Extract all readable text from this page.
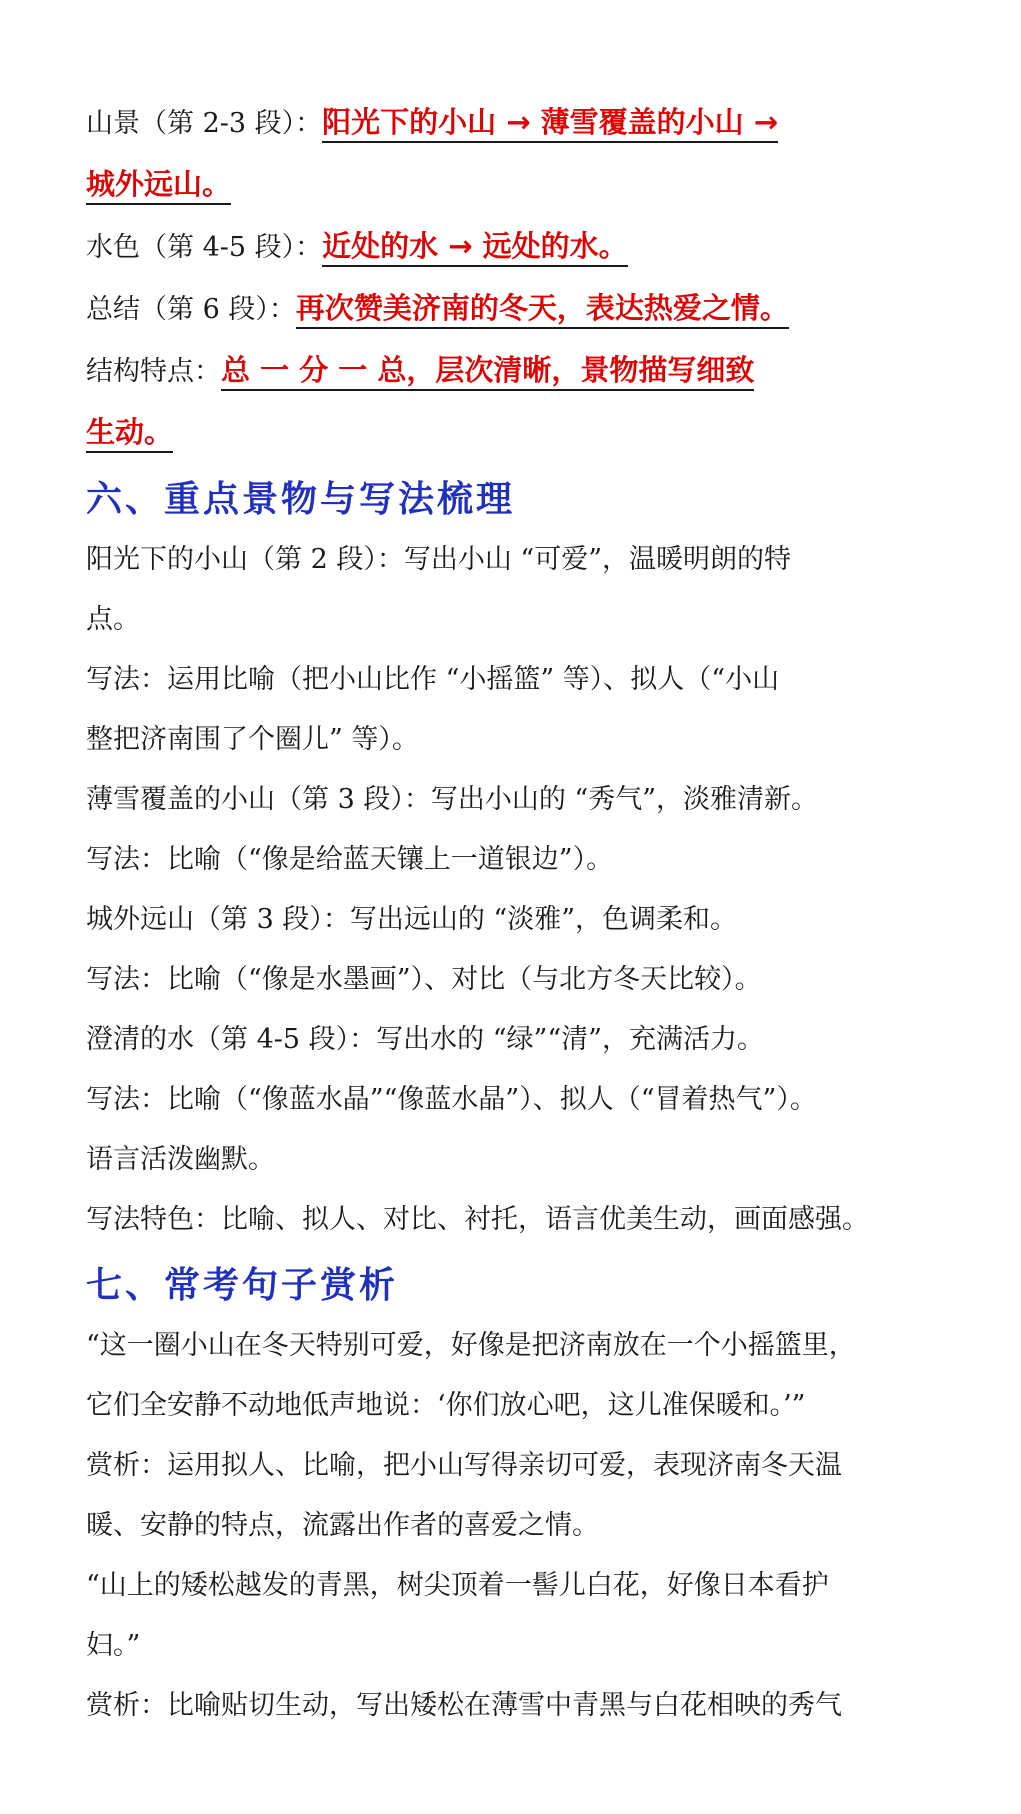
山景（第 2-3 段）：阳光下的小山 → 薄雪覆盖的小山 →

城外远山。

水色（第 4-5 段）：近处的水 → 远处的水。

总结（第 6 段）：再次赞美济南的冬天，表达热爱之情。

结构特点：总 一 分 一 总，层次清晰，景物描写细致

生动。

六、重点景物与写法梳理

阳光下的小山（第 2 段）：写出小山 “可爱”，温暖明朗的特

点。

写法：运用比喻（把小山比作 “小摇篮” 等）、拟人（“小山

整把济南围了个圈儿” 等）。

薄雪覆盖的小山（第 3 段）：写出小山的 “秀气”，淡雅清新。

写法：比喻（“像是给蓝天镶上一道银边”）。

城外远山（第 3 段）：写出远山的 “淡雅”，色调柔和。

写法：比喻（“像是水墨画”）、对比（与北方冬天比较）。

澄清的水（第 4-5 段）：写出水的 “绿”“清”，充满活力。

写法：比喻（“像蓝水晶”“像蓝水晶”）、拟人（“冒着热气”）。

语言活泼幽默。

写法特色：比喻、拟人、对比、衬托，语言优美生动，画面感强。

七、常考句子赏析

“这一圈小山在冬天特别可爱，好像是把济南放在一个小摇篮里，

它们全安静不动地低声地说：‘你们放心吧，这儿准保暖和。’”

赏析：运用拟人、比喻，把小山写得亲切可爱，表现济南冬天温

暖、安静的特点，流露出作者的喜爱之情。

“山上的矮松越发的青黑，树尖顶着一髻儿白花，好像日本看护

妇。”

赏析：比喻贴切生动，写出矮松在薄雪中青黑与白花相映的秀气
